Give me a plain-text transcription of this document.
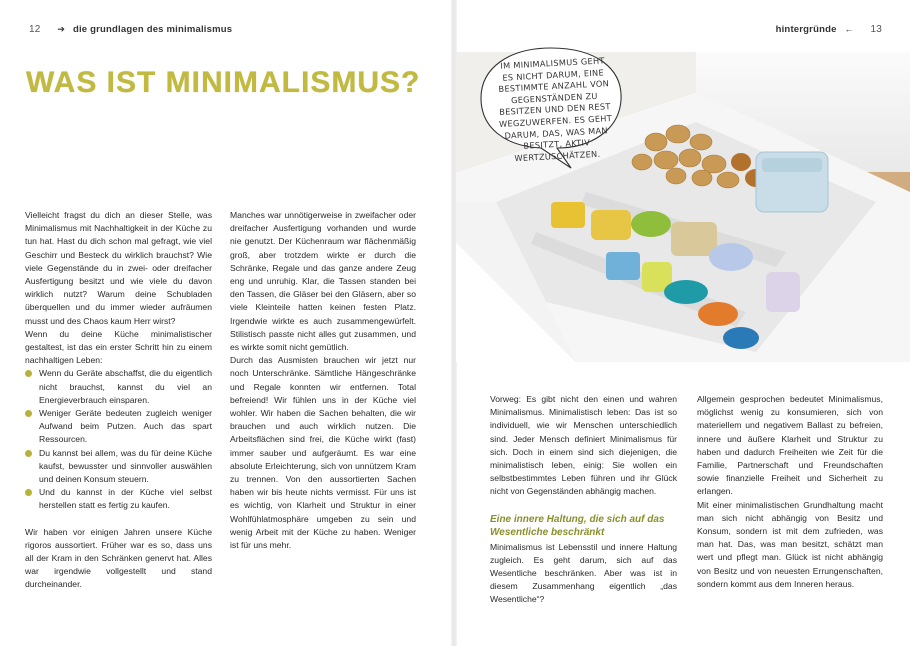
12 ➔ die grundlagen des minimalismus	hintergründe ← 13
WAS IST MINIMALISMUS?

Vielleicht fragst du dich an dieser Stelle, was Minimalismus mit Nachhaltigkeit in der Küche zu tun hat. Hast du dich schon mal gefragt, wie viel Geschirr und Besteck du wirklich brauchst? Wie viele Gegenstände du in zwei- oder dreifacher Ausfertigung besitzt und wie viele du davon wirklich nutzt? Warum deine Schubladen überquellen und du immer wieder aufräumen musst und des Chaos kaum Herr wirst?

Wenn du deine Küche minimalistischer gestaltest, ist das ein erster Schritt hin zu einem nachhaltigen Leben:

Wenn du Geräte abschaffst, die du eigentlich nicht brauchst, kannst du viel an Energieverbrauch einsparen.
Weniger Geräte bedeuten zugleich weniger Aufwand beim Putzen. Auch das spart Ressourcen.
Du kannst bei allem, was du für deine Küche kaufst, bewusster und sinnvoller auswählen und deinen Konsum steuern.
Und du kannst in der Küche viel selbst herstellen statt es fertig zu kaufen.

Wir haben vor einigen Jahren unsere Küche rigoros aussortiert. Früher war es so, dass uns all der Kram in den Schränken genervt hat. Alles war irgendwie vollgestellt und stand durcheinander.

Manches war unnötigerweise in zweifacher oder dreifacher Ausfertigung vorhanden und wurde nie genutzt. Der Küchenraum war flächenmäßig groß, aber trotzdem wirkte er durch die Schränke, Regale und das ganze andere Zeug eng und unruhig. Klar, die Tassen standen bei den Tassen, die Gläser bei den Gläsern, aber so viele Kleinteile hatten keinen festen Platz. Irgendwie wirkte es auch zusammengewürfelt. Stilistisch passte nicht alles gut zusammen, und es wirkte somit nicht gemütlich.

Durch das Ausmisten brauchen wir jetzt nur noch Unterschränke. Sämtliche Hängeschränke und Regale konnten wir entfernen. Total befreiend! Wir fühlen uns in der Küche viel wohler. Wir haben die Sachen behalten, die wir brauchen und auch wirklich nutzen. Die Arbeitsflächen sind frei, die Küche wirkt (fast) immer sauber und aufgeräumt. Es war eine absolute Erleichterung, sich von unnützem Kram zu trennen. Von den aussortierten Sachen haben wir bis heute nichts vermisst. Für uns ist es wichtig, von Klarheit und Struktur in einer Wohlfühlatmosphäre umgeben zu sein und wenig Arbeit mit der Küche zu haben. Weniger ist für uns mehr.

IM MINIMALISMUS GEHT ES NICHT DARUM, EINE BESTIMMTE ANZAHL VON GEGENSTÄNDEN ZU BESITZEN UND DEN REST WEGZUWERFEN. ES GEHT DARUM, DAS, WAS MAN BESITZT, AKTIV WERTZUSCHÄTZEN.

Vorweg: Es gibt nicht den einen und wahren Minimalismus. Minimalistisch leben: Das ist so individuell, wie wir Menschen unterschiedlich sind. Jeder Mensch definiert Minimalismus für sich. Doch in einem sind sich diejenigen, die minimalistisch leben, einig: Sie wollen ein selbstbestimmtes Leben führen und ihr Glück nicht von Gegenständen abhängig machen.

Eine innere Haltung, die sich auf das Wesentliche beschränkt

Minimalismus ist Lebensstil und innere Haltung zugleich. Es geht darum, sich auf das Wesentliche beschränken. Aber was ist in diesem Zusammenhang eigentlich „das Wesentliche“?

Allgemein gesprochen bedeutet Minimalismus, möglichst wenig zu konsumieren, sich von materiellem und negativem Ballast zu befreien, innere und äußere Klarheit und Struktur zu haben und dadurch Freiheiten wie Zeit für die Familie, Partnerschaft und Freundschaften sowie finanzielle Freiheit und Sicherheit zu erlangen.

Mit einer minimalistischen Grundhaltung macht man sich nicht abhängig von Besitz und Konsum, sondern ist mit dem zufrieden, was man hat. Das, was man besitzt, schätzt man wert und pflegt man. Glück ist nicht abhängig von Besitz und von neuesten Errungenschaften, sondern kommt aus dem Inneren heraus.
